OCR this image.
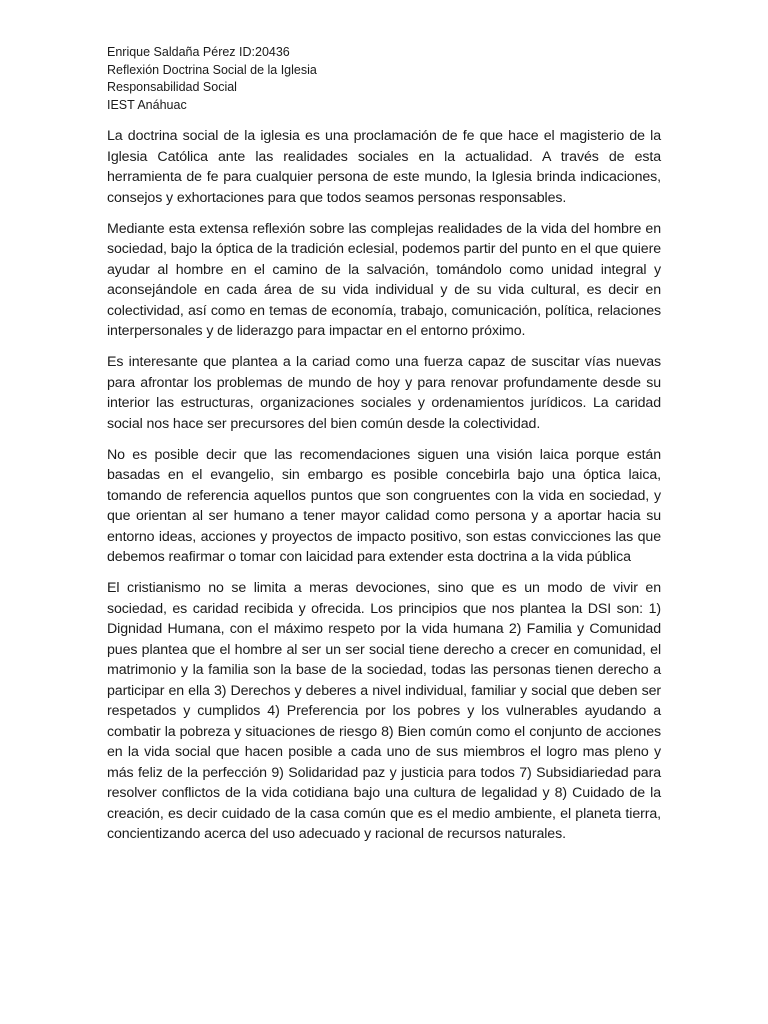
Enrique Saldaña Pérez ID:20436

Reflexión Doctrina Social de la Iglesia

Responsabilidad Social

IEST Anáhuac

La doctrina social de la iglesia es una proclamación de fe que hace el magisterio de la Iglesia Católica ante las realidades sociales en la actualidad. A través de esta herramienta de fe para cualquier persona de este mundo, la Iglesia brinda indicaciones, consejos y exhortaciones para que todos seamos personas responsables.

Mediante esta extensa reflexión sobre las complejas realidades de la vida del hombre en sociedad, bajo la óptica de la tradición eclesial, podemos partir del punto en el que quiere ayudar al hombre en el camino de la salvación, tomándolo como unidad integral y aconsejándole en cada área de su vida individual y de su vida cultural, es decir en colectividad, así como en temas de economía, trabajo, comunicación, política, relaciones interpersonales y de liderazgo para impactar en el entorno próximo.

Es interesante que plantea a la cariad como una fuerza capaz de suscitar vías nuevas para afrontar los problemas de mundo de hoy y para renovar profundamente desde su interior las estructuras, organizaciones sociales y ordenamientos jurídicos. La caridad social nos hace ser precursores del bien común desde la colectividad.

No es posible decir que las recomendaciones siguen una visión laica porque están basadas en el evangelio, sin embargo es posible concebirla bajo una óptica laica, tomando de referencia aquellos puntos que son congruentes con la vida en sociedad, y que orientan al ser humano a tener mayor calidad como persona y a aportar hacia su entorno ideas, acciones y proyectos de impacto positivo, son estas convicciones las que debemos reafirmar o tomar con laicidad para extender esta doctrina a la vida pública

El cristianismo no se limita a meras devociones, sino que es un modo de vivir en sociedad, es caridad recibida y ofrecida. Los principios que nos plantea la DSI son: 1) Dignidad Humana, con el máximo respeto por la vida humana 2) Familia y Comunidad pues plantea que el hombre al ser un ser social tiene derecho a crecer en comunidad, el matrimonio y la familia son la base de la sociedad, todas las personas tienen derecho a participar en ella 3) Derechos y deberes a nivel individual, familiar y social que deben ser respetados y cumplidos 4) Preferencia por los pobres y los vulnerables ayudando a combatir la pobreza y situaciones de riesgo 8) Bien común como el conjunto de acciones en la vida social que hacen posible a cada uno de sus miembros el logro mas pleno y más feliz de la perfección 9) Solidaridad paz y justicia para todos 7) Subsidiariedad para resolver conflictos de la vida cotidiana bajo una cultura de legalidad y 8) Cuidado de la creación, es decir cuidado de la casa común que es el medio ambiente, el planeta tierra, concientizando acerca del uso adecuado y racional de recursos naturales.
